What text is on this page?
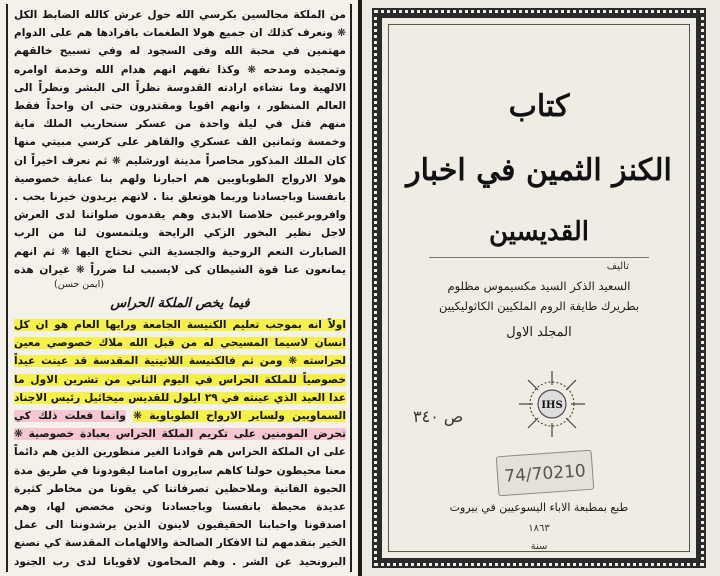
من الملكة مجالسين بكرسي الله حول عرش كالله الضابط الكل ❋ ونعرف كذلك ان جميع هولا الطغمات بافرادها هم على الدوام مهتمين في محبة الله وفى السجود له وفي تسبيح خالقهم وتمجيده ومدحه ❋ وكذا نفهم انهم هدام الله وخدمة اوامره الالهية وما نشاءه ارادته القدوسة نظراً الى البشر ونظراً الى العالم المنظور ، وانهم اقويا ومقتدرون حتى ان واحداً فقط منهم قتل في ليلة واحدة من عسكر سنحاريب الملك ماية وخمسة وثمانين الف عسكري والقاهر على كرسي مبيتي منها كان الملك المذكور محاصراً مدينة اورشليم ❋ ثم نعرف اخيراً ان هولا الارواح الطوباويين هم احبارنا ولهم بنا عناية خصوصية بانفسنا وباجسادنا وربما هوتعلق بنا . لانهم يريدون خيرنا بحب . وافروبرغبين خلاصنا الابدى وهم يقدمون صلواتنا لدى العرش لاجل نظير البخور الزكي الرايحة ويلتمسون لنا من الرب الصابارت النعم الروحية والجسدية التي نحتاج اليها ❋ ثم انهم يمانعون عنا قوة الشيطان كى لايسبب لنا ضرراً ❋ غيران هذه
(ايمن حسن)
فيما يخص الملكة الحراس
اولاً انه بموجب تعليم الكنيسة الجامعة ورايها العام هو ان كل انسان لاسيما المسيحي له من قبل الله ملاك خصوصي معين لحراسته ❋ ومن ثم فالكنيسة اللاتينية المقدسة قد عينت عيداً خصوصياً للملكة الحراس في اليوم الثاني من تشرين الاول ما عدا العيد الذي عينته في ٢٩ ايلول للقديس ميخائيل رئيس الاجناد السماويين ولساير الارواح الطوباوية ❋ وانما فعلت ذلك كي تحرض المومنين على تكريم الملكة الحراس بعبادة خصوصية ❋ على ان الملكة الحراس هم قوادنا الغير منظورين الذين هم دائماً معنا محيطون حولنا كاهم سايرون امامنا ليقودونا في طريق مدة الحيوة الفانية وملاحظين تصرفاتنا كي يقونا من مخاطر كثيرة عديدة محيطة بانفسنا وباجسادنا وتحن مخصص لها، وهم اصدقونا واحبابنا الحقيقيون لاينون الذين يرشدوننا الى عمل الخير بتقدمهم لنا الافكار الصالحة والالهامات المقدسة كي نصنع البرونحيد عن الشر . وهم المحامون لاقويانا لدى رب الجنود
كتاب
الكنز الثمين في اخبار
القديسين
تاليف
السعيد الذكر السيد مكسيموس مظلوم
بطريرك طايفة الروم الملكيين الكاثوليكيين
المجلد الاول
IHS
ص ٣٤٠
74/70210
طبع بمطبعة الاباء اليسوعيين في بيروت
١٨٦٣
سنة
